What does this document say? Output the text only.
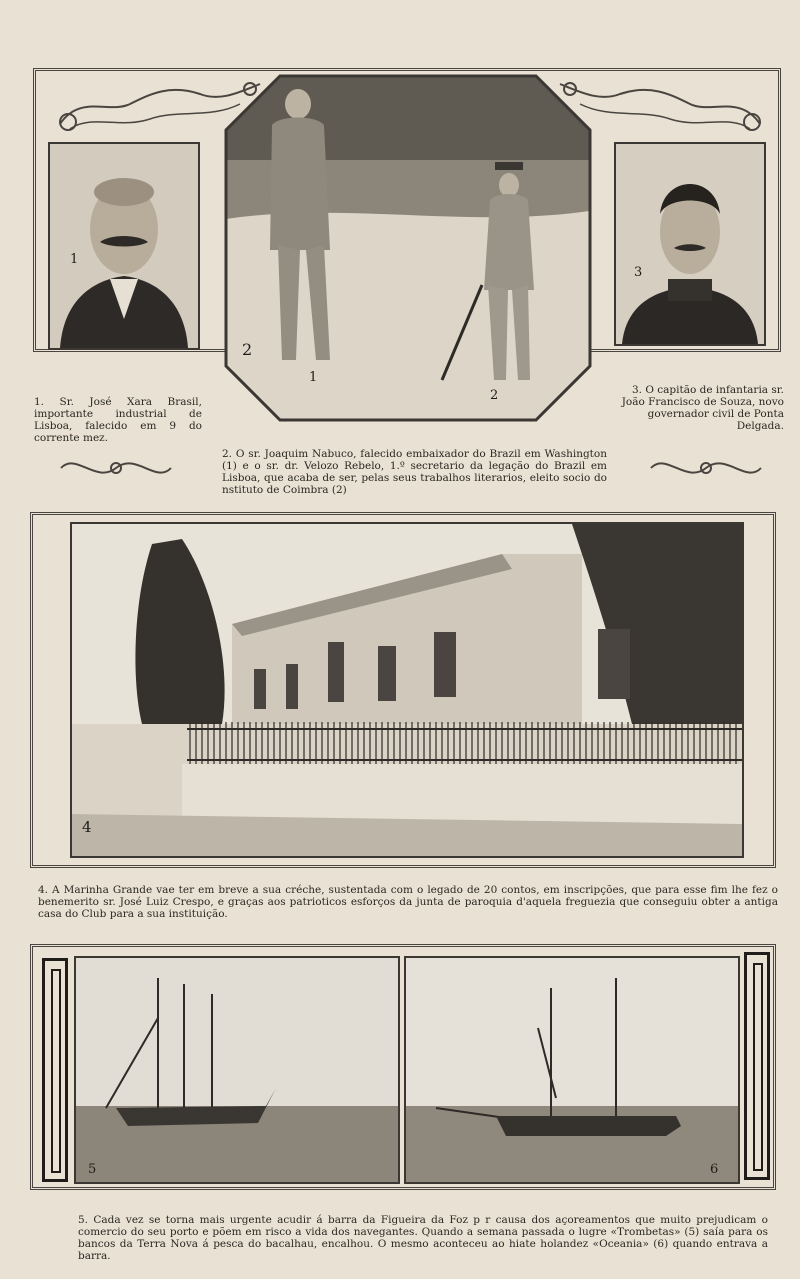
1
2
1
2
3
1. Sr. José Xara Brasil, importante industrial de Lisboa, falecido em 9 do corrente mez.
3. O capitão de infantaria sr. João Francisco de Souza, novo governador civil de Ponta Delgada.
2. O sr. Joaquim Nabuco, falecido embaixador do Brazil em Washington (1) e o sr. dr. Velozo Rebelo, 1.º secretario da legação do Brazil em Lisboa, que acaba de ser, pelas seus trabalhos literarios, eleito socio do nstituto de Coimbra (2)
4
4. A Marinha Grande vae ter em breve a sua créche, sustentada com o legado de 20 contos, em inscripções, que para esse fim lhe fez o benemerito sr. José Luiz Crespo, e graças aos patrioticos esforços da junta de paroquia d'aquela freguezia que conseguiu obter a antiga casa do Club para a sua instituição.
5	6
5. Cada vez se torna mais urgente acudir á barra da Figueira da Foz p r causa dos açoreamentos que muito prejudicam o comercio do seu porto e põem em risco a vida dos navegantes. Quando a semana passada o lugre «Trombetas» (5) saía para os bancos da Terra Nova á pesca do bacalhau, encalhou. O mesmo aconteceu ao hiate holandez «Oceania» (6) quando entrava a barra.
